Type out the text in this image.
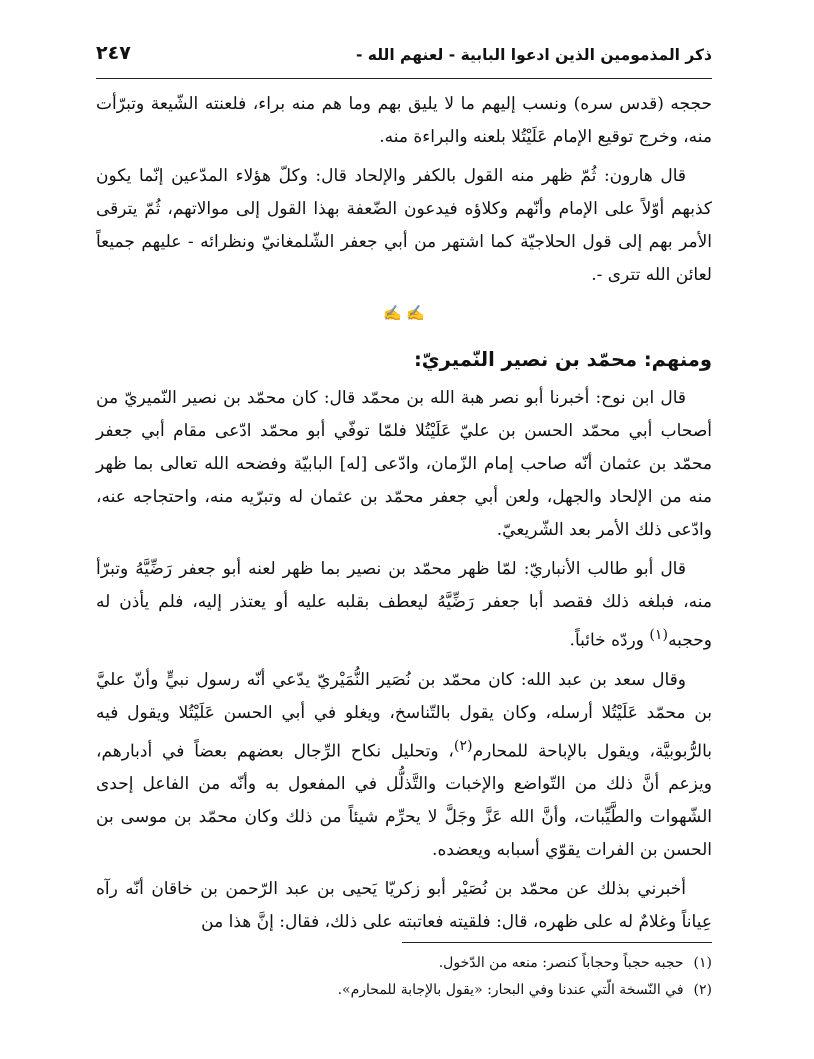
ذكر المذمومين الذين ادعوا البابية - لعنهم الله -
٢٤٧

حججه (قدس سره) ونسب إليهم ما لا يليق بهم وما هم منه براء، فلعنته الشّيعة وتبرّأت منه، وخرج توقيع الإمام عَلَيْتُلا بلعنه والبراءة منه.

قال هارون: ثُمّ ظهر منه القول بالكفر والإلحاد قال: وكلّ هؤلاء المدّعين إنّما يكون كذبهم أوّلاً على الإمام وأنّهم وكلاؤه فيدعون الضّعفة بهذا القول إلى موالاتهم، ثُمّ يترقى الأمر بهم إلى قول الحلاجيّة كما اشتهر من أبي جعفر الشّلمغانيّ ونظرائه - عليهم جميعاً لعائن الله تترى -.

✍ ✍
ومنهم: محمّد بن نصير النّميريّ:

قال ابن نوح: أخبرنا أبو نصر هبة الله بن محمّد قال: كان محمّد بن نصير النّميريّ من أصحاب أبي محمّد الحسن بن عليّ عَلَيْتُلا فلمّا توفّي أبو محمّد ادّعى مقام أبي جعفر محمّد بن عثمان أنّه صاحب إمام الزّمان، وادّعى [له] البابيّة وفضحه الله تعالى بما ظهر منه من الإلحاد والجهل، ولعن أبي جعفر محمّد بن عثمان له وتبرّيه منه، واحتجاجه عنه، وادّعى ذلك الأمر بعد الشّريعيّ.

قال أبو طالب الأنباريّ: لمّا ظهر محمّد بن نصير بما ظهر لعنه أبو جعفر رَضِّيَّهُ وتبرّأ منه، فبلغه ذلك فقصد أبا جعفر رَضِّيَّهُ ليعطف بقلبه عليه أو يعتذر إليه، فلم يأذن له وحجبه$^{(١)}$ وردّه خائباً.

وقال سعد بن عبد الله: كان محمّد بن نُصَير النُّمَيْريّ يدّعي أنّه رسول نبيٍّ وأنّ عليَّ بن محمّد عَلَيْتُلا أرسله، وكان يقول بالتّناسخ، ويغلو في أبي الحسن عَلَيْتُلا ويقول فيه بالرُّبوبيَّة، ويقول بالإباحة للمحارم$^{(٢)}$، وتحليل نكاح الرِّجال بعضهم بعضاً في أدبارهم، ويزعم أنَّ ذلك من التّواضع والإخبات والتَّذلُّل في المفعول به وأنّه من الفاعل إحدى الشّهوات والطَّيِّبات، وأنَّ الله عَزَّ وجَلَّ لا يحرِّم شيئاً من ذلك وكان محمّد بن موسى بن الحسن بن الفرات يقوّي أسبابه ويعضده.

أخبرني بذلك عن محمّد بن نُصَيْر أبو زكريّا يَحيى بن عبد الرّحمن بن خاقان أنّه رآه عِياناً وغلامٌ له على ظهره، قال: فلقيته فعاتبته على ذلك، فقال: إنَّ هذا من

(١)حجبه حجباً وحجاباً كنصر: منعه من الدّخول.

(٢)في النّسخة الّتي عندنا وفي البحار: «يقول بالإجابة للمحارم».
